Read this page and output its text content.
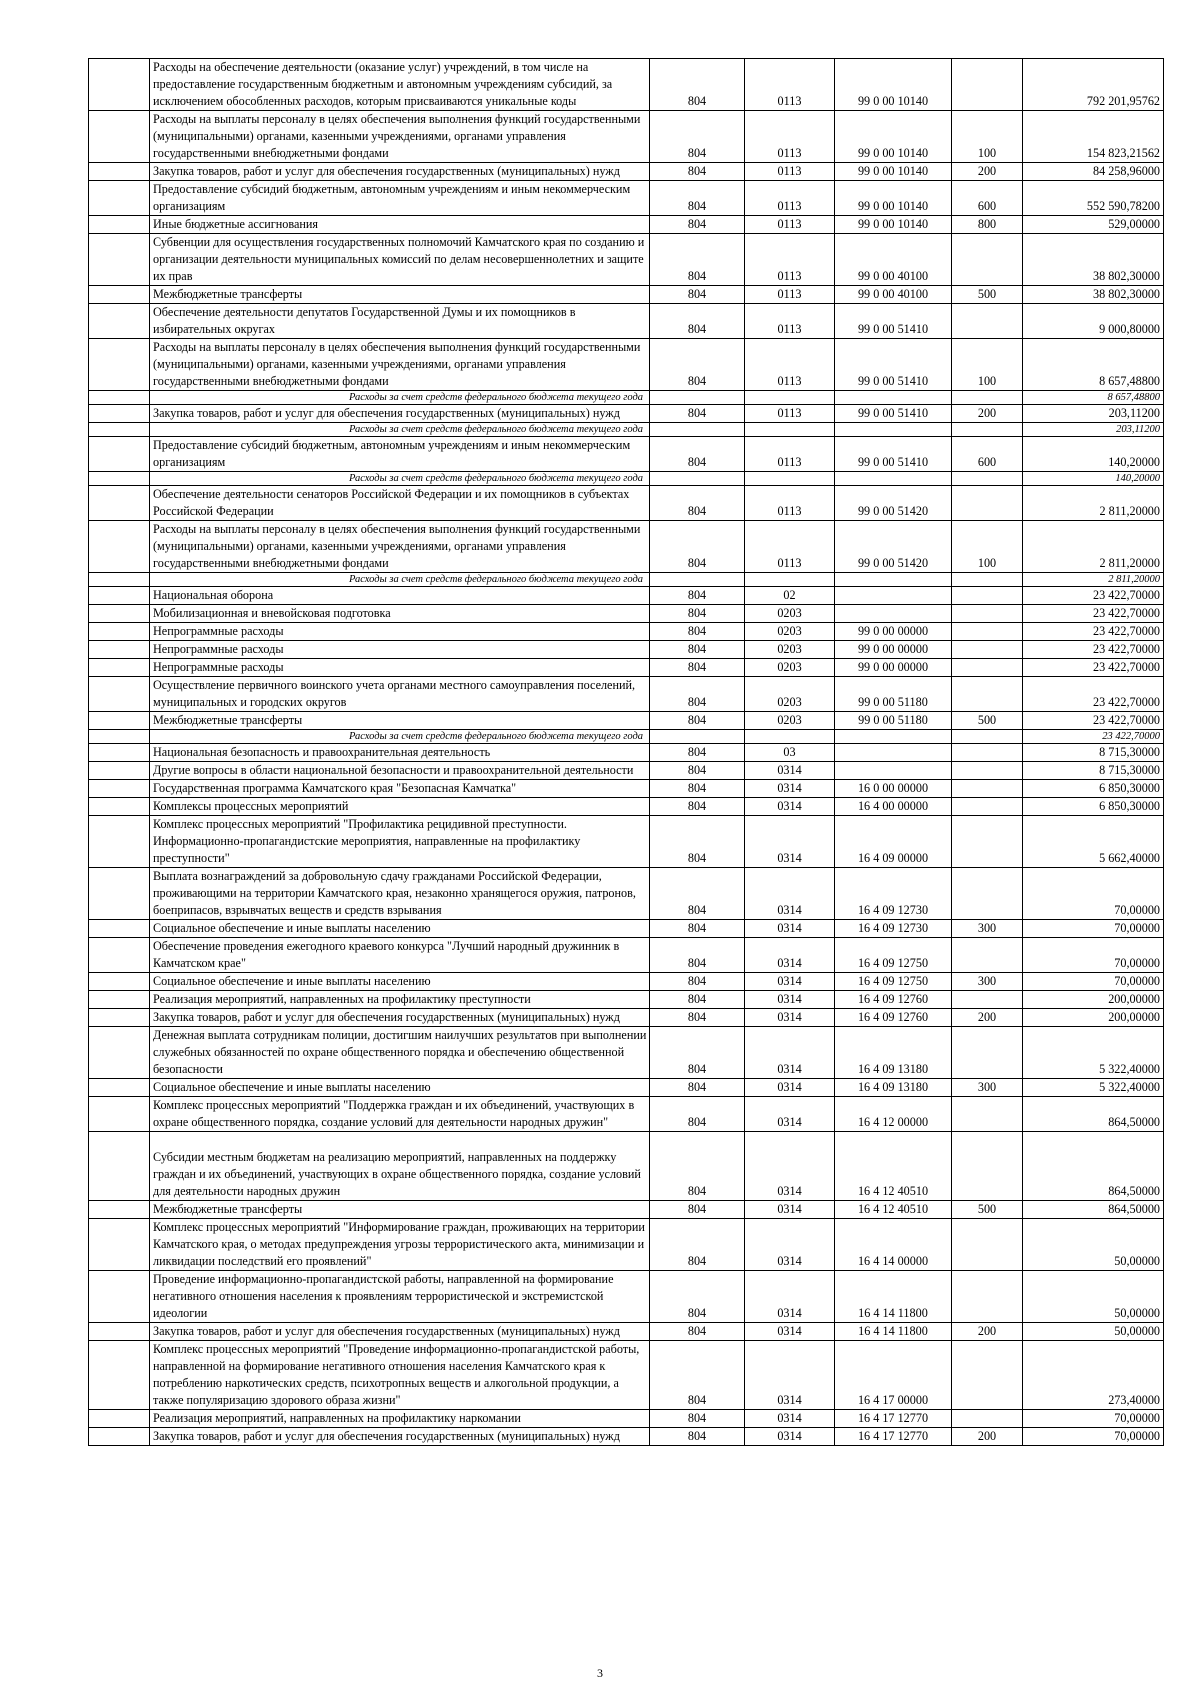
	Расходы на обеспечение деятельности (оказание услуг) учреждений, в том числе на предоставление государственным бюджетным и автономным учреждениям субсидий, за исключением обособленных расходов, которым присваиваются уникальные коды	804	0113	99 0 00 10140		792 201,95762
	Расходы на выплаты персоналу в целях обеспечения выполнения функций государственными (муниципальными) органами, казенными учреждениями, органами управления государственными внебюджетными фондами	804	0113	99 0 00 10140	100	154 823,21562
	Закупка товаров, работ и услуг для обеспечения государственных (муниципальных) нужд	804	0113	99 0 00 10140	200	84 258,96000
	Предоставление субсидий бюджетным, автономным учреждениям и иным некоммерческим организациям	804	0113	99 0 00 10140	600	552 590,78200
	Иные бюджетные ассигнования	804	0113	99 0 00 10140	800	529,00000
	Субвенции для осуществления государственных полномочий Камчатского края по созданию и организации деятельности муниципальных комиссий по делам несовершеннолетних и защите их прав	804	0113	99 0 00 40100		38 802,30000
	Межбюджетные трансферты	804	0113	99 0 00 40100	500	38 802,30000
	Обеспечение деятельности депутатов Государственной Думы и их помощников в избирательных округах	804	0113	99 0 00 51410		9 000,80000
	Расходы на выплаты персоналу в целях обеспечения выполнения функций государственными (муниципальными) органами, казенными учреждениями, органами управления государственными внебюджетными фондами	804	0113	99 0 00 51410	100	8 657,48800
	Расходы за счет средств федерального бюджета текущего года					8 657,48800
	Закупка товаров, работ и услуг для обеспечения государственных (муниципальных) нужд	804	0113	99 0 00 51410	200	203,11200
	Расходы за счет средств федерального бюджета текущего года					203,11200
	Предоставление субсидий бюджетным, автономным учреждениям и иным некоммерческим организациям	804	0113	99 0 00 51410	600	140,20000
	Расходы за счет средств федерального бюджета текущего года					140,20000
	Обеспечение деятельности сенаторов Российской Федерации и их помощников в субъектах Российской Федерации	804	0113	99 0 00 51420		2 811,20000
	Расходы на выплаты персоналу в целях обеспечения выполнения функций государственными (муниципальными) органами, казенными учреждениями, органами управления государственными внебюджетными фондами	804	0113	99 0 00 51420	100	2 811,20000
	Расходы за счет средств федерального бюджета текущего года					2 811,20000
	Национальная оборона	804	02			23 422,70000
	Мобилизационная и вневойсковая подготовка	804	0203			23 422,70000
	Непрограммные расходы	804	0203	99 0 00 00000		23 422,70000
	Непрограммные расходы	804	0203	99 0 00 00000		23 422,70000
	Непрограммные расходы	804	0203	99 0 00 00000		23 422,70000
	Осуществление первичного воинского учета органами местного самоуправления поселений, муниципальных и городских округов	804	0203	99 0 00 51180		23 422,70000
	Межбюджетные трансферты	804	0203	99 0 00 51180	500	23 422,70000
	Расходы за счет средств федерального бюджета текущего года					23 422,70000
	Национальная безопасность и правоохранительная деятельность	804	03			8 715,30000
	Другие вопросы в области национальной безопасности и правоохранительной деятельности	804	0314			8 715,30000
	Государственная программа Камчатского края "Безопасная Камчатка"	804	0314	16 0 00 00000		6 850,30000
	Комплексы процессных мероприятий	804	0314	16 4 00 00000		6 850,30000
	Комплекс процессных мероприятий "Профилактика рецидивной преступности. Информационно-пропагандистские мероприятия, направленные на профилактику преступности"	804	0314	16 4 09 00000		5 662,40000
	Выплата вознаграждений за добровольную сдачу гражданами Российской Федерации, проживающими на территории Камчатского края, незаконно хранящегося оружия, патронов, боеприпасов, взрывчатых веществ и средств взрывания	804	0314	16 4 09 12730		70,00000
	Социальное обеспечение и иные выплаты населению	804	0314	16 4 09 12730	300	70,00000
	Обеспечение проведения ежегодного краевого конкурса "Лучший народный дружинник в Камчатском крае"	804	0314	16 4 09 12750		70,00000
	Социальное обеспечение и иные выплаты населению	804	0314	16 4 09 12750	300	70,00000
	Реализация мероприятий, направленных на профилактику преступности	804	0314	16 4 09 12760		200,00000
	Закупка товаров, работ и услуг для обеспечения государственных (муниципальных) нужд	804	0314	16 4 09 12760	200	200,00000
	Денежная выплата сотрудникам полиции, достигшим наилучших результатов при выполнении служебных обязанностей по охране общественного порядка и обеспечению общественной безопасности	804	0314	16 4 09 13180		5 322,40000
	Социальное обеспечение и иные выплаты населению	804	0314	16 4 09 13180	300	5 322,40000
	Комплекс процессных мероприятий "Поддержка граждан и их объединений, участвующих в охране общественного порядка, создание условий для деятельности народных дружин"	804	0314	16 4 12 00000		864,50000
	Субсидии местным бюджетам на реализацию мероприятий, направленных на поддержку граждан и их объединений, участвующих в охране общественного порядка, создание условий для деятельности народных дружин	804	0314	16 4 12 40510		864,50000
	Межбюджетные трансферты	804	0314	16 4 12 40510	500	864,50000
	Комплекс процессных мероприятий "Информирование граждан, проживающих на территории Камчатского края, о методах предупреждения угрозы террористического акта, минимизации и ликвидации последствий его проявлений"	804	0314	16 4 14 00000		50,00000
	Проведение информационно-пропагандистской работы, направленной на формирование негативного отношения населения к проявлениям террористической и экстремистской идеологии	804	0314	16 4 14 11800		50,00000
	Закупка товаров, работ и услуг для обеспечения государственных (муниципальных) нужд	804	0314	16 4 14 11800	200	50,00000
	Комплекс процессных мероприятий "Проведение информационно-пропагандистской работы, направленной на формирование негативного отношения населения Камчатского края к потреблению наркотических средств, психотропных веществ и алкогольной продукции, а также популяризацию здорового образа жизни"	804	0314	16 4 17 00000		273,40000
	Реализация мероприятий, направленных на профилактику наркомании	804	0314	16 4 17 12770		70,00000
	Закупка товаров, работ и услуг для обеспечения государственных (муниципальных) нужд	804	0314	16 4 17 12770	200	70,00000
3
